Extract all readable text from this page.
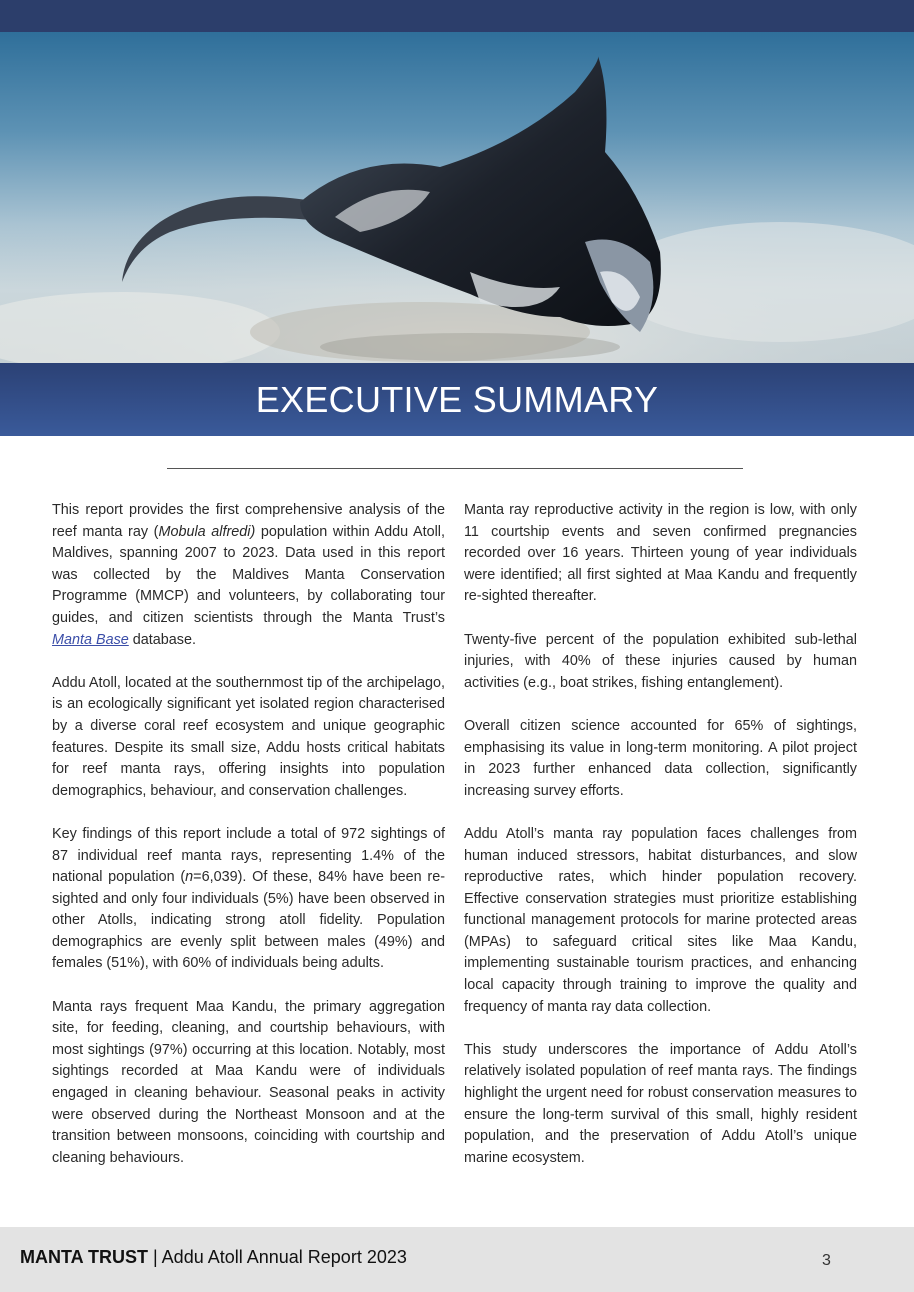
EXECUTIVE SUMMARY

This report provides the first comprehensive analysis of the reef manta ray (Mobula alfredi) population within Addu Atoll, Maldives, spanning 2007 to 2023. Data used in this report was collected by the Maldives Manta Conservation Programme (MMCP) and volunteers, by collaborating tour guides, and citizen scientists through the Manta Trust’s Manta Base database.

Addu Atoll, located at the southernmost tip of the archipelago, is an ecologically significant yet isolated region characterised by a diverse coral reef ecosystem and unique geographic features. Despite its small size, Addu hosts critical habitats for reef manta rays, offering insights into population demographics, behaviour, and conservation challenges.

Key findings of this report include a total of 972 sightings of 87 individual reef manta rays, representing 1.4% of the national population (n=6,039). Of these, 84% have been re-sighted and only four individuals (5%) have been observed in other Atolls, indicating strong atoll fidelity. Population demographics are evenly split between males (49%) and females (51%), with 60% of individuals being adults.

Manta rays frequent Maa Kandu, the primary aggregation site, for feeding, cleaning, and courtship behaviours, with most sightings (97%) occurring at this location. Notably, most sightings recorded at Maa Kandu were of individuals engaged in cleaning behaviour. Seasonal peaks in activity were observed during the Northeast Monsoon and at the transition between monsoons, coinciding with courtship and cleaning behaviours.

Manta ray reproductive activity in the region is low, with only 11 courtship events and seven confirmed pregnancies recorded over 16 years. Thirteen young of year individuals were identified; all first sighted at Maa Kandu and frequently re-sighted thereafter.

Twenty-five percent of the population exhibited sub-lethal injuries, with 40% of these injuries caused by human activities (e.g., boat strikes, fishing entanglement).

Overall citizen science accounted for 65% of sightings, emphasising its value in long-term monitoring. A pilot project in 2023 further enhanced data collection, significantly increasing survey efforts.

Addu Atoll’s manta ray population faces challenges from human induced stressors, habitat disturbances, and slow reproductive rates, which hinder population recovery. Effective conservation strategies must prioritize establishing functional management protocols for marine protected areas (MPAs) to safeguard critical sites like Maa Kandu, implementing sustainable tourism practices, and enhancing local capacity through training to improve the quality and frequency of manta ray data collection.

This study underscores the importance of Addu Atoll’s relatively isolated population of reef manta rays. The findings highlight the urgent need for robust conservation measures to ensure the long-term survival of this small, highly resident population, and the preservation of Addu Atoll’s unique marine ecosystem.

MANTA TRUST | Addu Atoll Annual Report 2023	3
